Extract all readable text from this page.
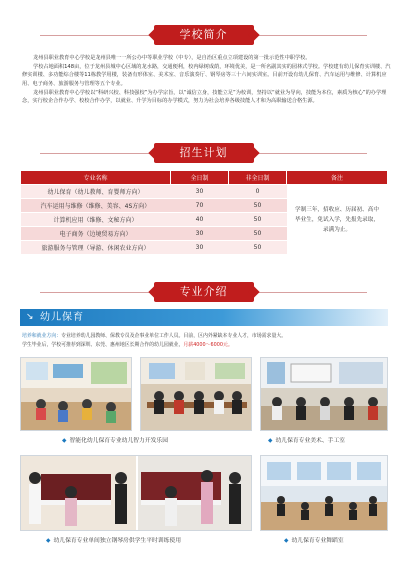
学校简介

龙州县职业教育中心学校是龙州县唯一一所公办中等职业学校（中专），是自治区重点立项建设的第一批示范性中职学校。

学校占地面积148亩，位于龙州县城中心区域的龙水路，交通便利，校内绿树成荫，环境优美，是一所名副其实的园林式学校。学校建有幼儿保育实训楼、汽修实训楼、多功能综合楼等11栋教学用楼，装备有形体室、美术室、音乐演奏厅、钢琴房等三十六间实训室。目前开设有幼儿保育、汽车运用与维修、计算机应用、电子商务、旅游服务与管理等五个专业。

龙州县职业教育中心学校以“科研兴校、科技强校”为办学宗旨，以“诚信立身，技能立足”为校训，坚持以“就业为导向，技能为本位，素质为核心”的办学理念，实行校企合作办学、校校合作办学，以就业、升学为目标的办学模式，努力为社会培养各级技能人才和为高职输送合格生源。

招生计划
专业名称	全日制	非全日制	备注
幼儿保育（幼儿教师、育婴师方向）	30	0	学制三年，招收应、历届初、高中毕业生，免试入学，先报先录取，录满为止。
汽车运用与维修（维修、美容、4S方向）	70	50	
计算机应用（维修、文秘方向）	40	50	
电子商务（边境贸易方向）	30	50	
旅游服务与管理（导游、休闲农业方向）	30	50	
专业介绍
↘ 幼儿保育
培养和就业方向：专业培养幼儿园教师、保教专员及企事业单位工作人员。目前，区内外紧缺本专业人才，市场需求量大。
学生毕业后，学校可推荐到深圳、东莞、惠州地区长期合作的幼儿园就业，月薪4000～6000元。
◆ 智能化幼儿保育专业幼儿智力开发乐园	◆ 幼儿保育专业美术、手工室
◆ 幼儿保育专业单间独立钢琴房供学生平时训练使用	◆ 幼儿保育专业舞蹈室
